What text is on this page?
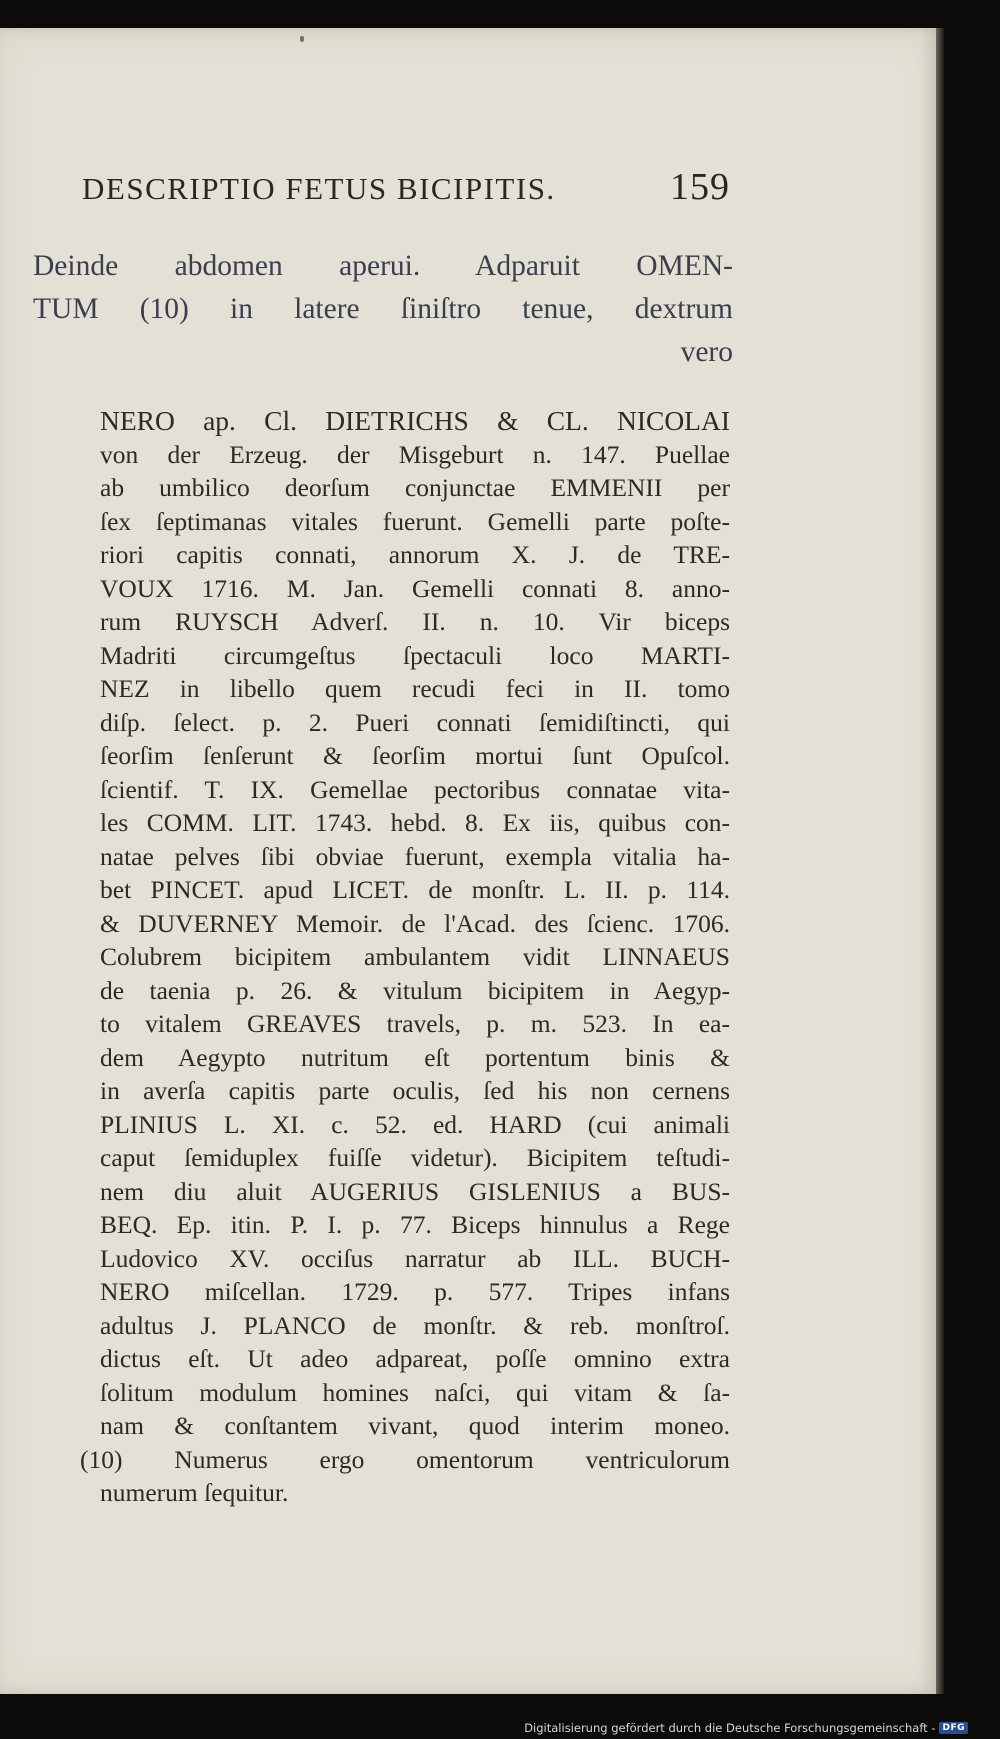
DESCRIPTIO FETUS BICIPITIS.	159
Deinde abdomen aperui. Adparuit OMEN-
TUM (10) in latere ſiniſtro tenue, dextrum
vero
NERO ap. Cl. DIETRICHS & CL. NICOLAI
von der Erzeug. der Misgeburt n. 147. Puellae
ab umbilico deorſum conjunctae EMMENII per
ſex ſeptimanas vitales fuerunt. Gemelli parte poſte-
riori capitis connati, annorum X. J. de TRE-
VOUX 1716. M. Jan. Gemelli connati 8. anno-
rum RUYSCH Adverſ. II. n. 10. Vir biceps
Madriti circumgeſtus ſpectaculi loco MARTI-
NEZ in libello quem recudi feci in II. tomo
diſp. ſelect. p. 2. Pueri connati ſemidiſtincti, qui
ſeorſim ſenſerunt & ſeorſim mortui ſunt Opuſcol.
ſcientif. T. IX. Gemellae pectoribus connatae vita-
les COMM. LIT. 1743. hebd. 8. Ex iis, quibus con-
natae pelves ſibi obviae fuerunt, exempla vitalia ha-
bet PINCET. apud LICET. de monſtr. L. II. p. 114.
& DUVERNEY Memoir. de l'Acad. des ſcienc. 1706.
Colubrem bicipitem ambulantem vidit LINNAEUS
de taenia p. 26. & vitulum bicipitem in Aegyp-
to vitalem GREAVES travels, p. m. 523. In ea-
dem Aegypto nutritum eſt portentum binis &
in averſa capitis parte oculis, ſed his non cernens
PLINIUS L. XI. c. 52. ed. HARD (cui animali
caput ſemiduplex fuiſſe videtur). Bicipitem teſtudi-
nem diu aluit AUGERIUS GISLENIUS a BUS-
BEQ. Ep. itin. P. I. p. 77. Biceps hinnulus a Rege
Ludovico XV. occiſus narratur ab ILL. BUCH-
NERO miſcellan. 1729. p. 577. Tripes infans
adultus J. PLANCO de monſtr. & reb. monſtroſ.
dictus eſt. Ut adeo adpareat, poſſe omnino extra
ſolitum modulum homines naſci, qui vitam & ſa-
nam & conſtantem vivant, quod interim moneo.
(10) Numerus ergo omentorum ventriculorum
numerum ſequitur.
Digitalisierung gefördert durch die Deutsche Forschungsgemeinschaft - DFG
